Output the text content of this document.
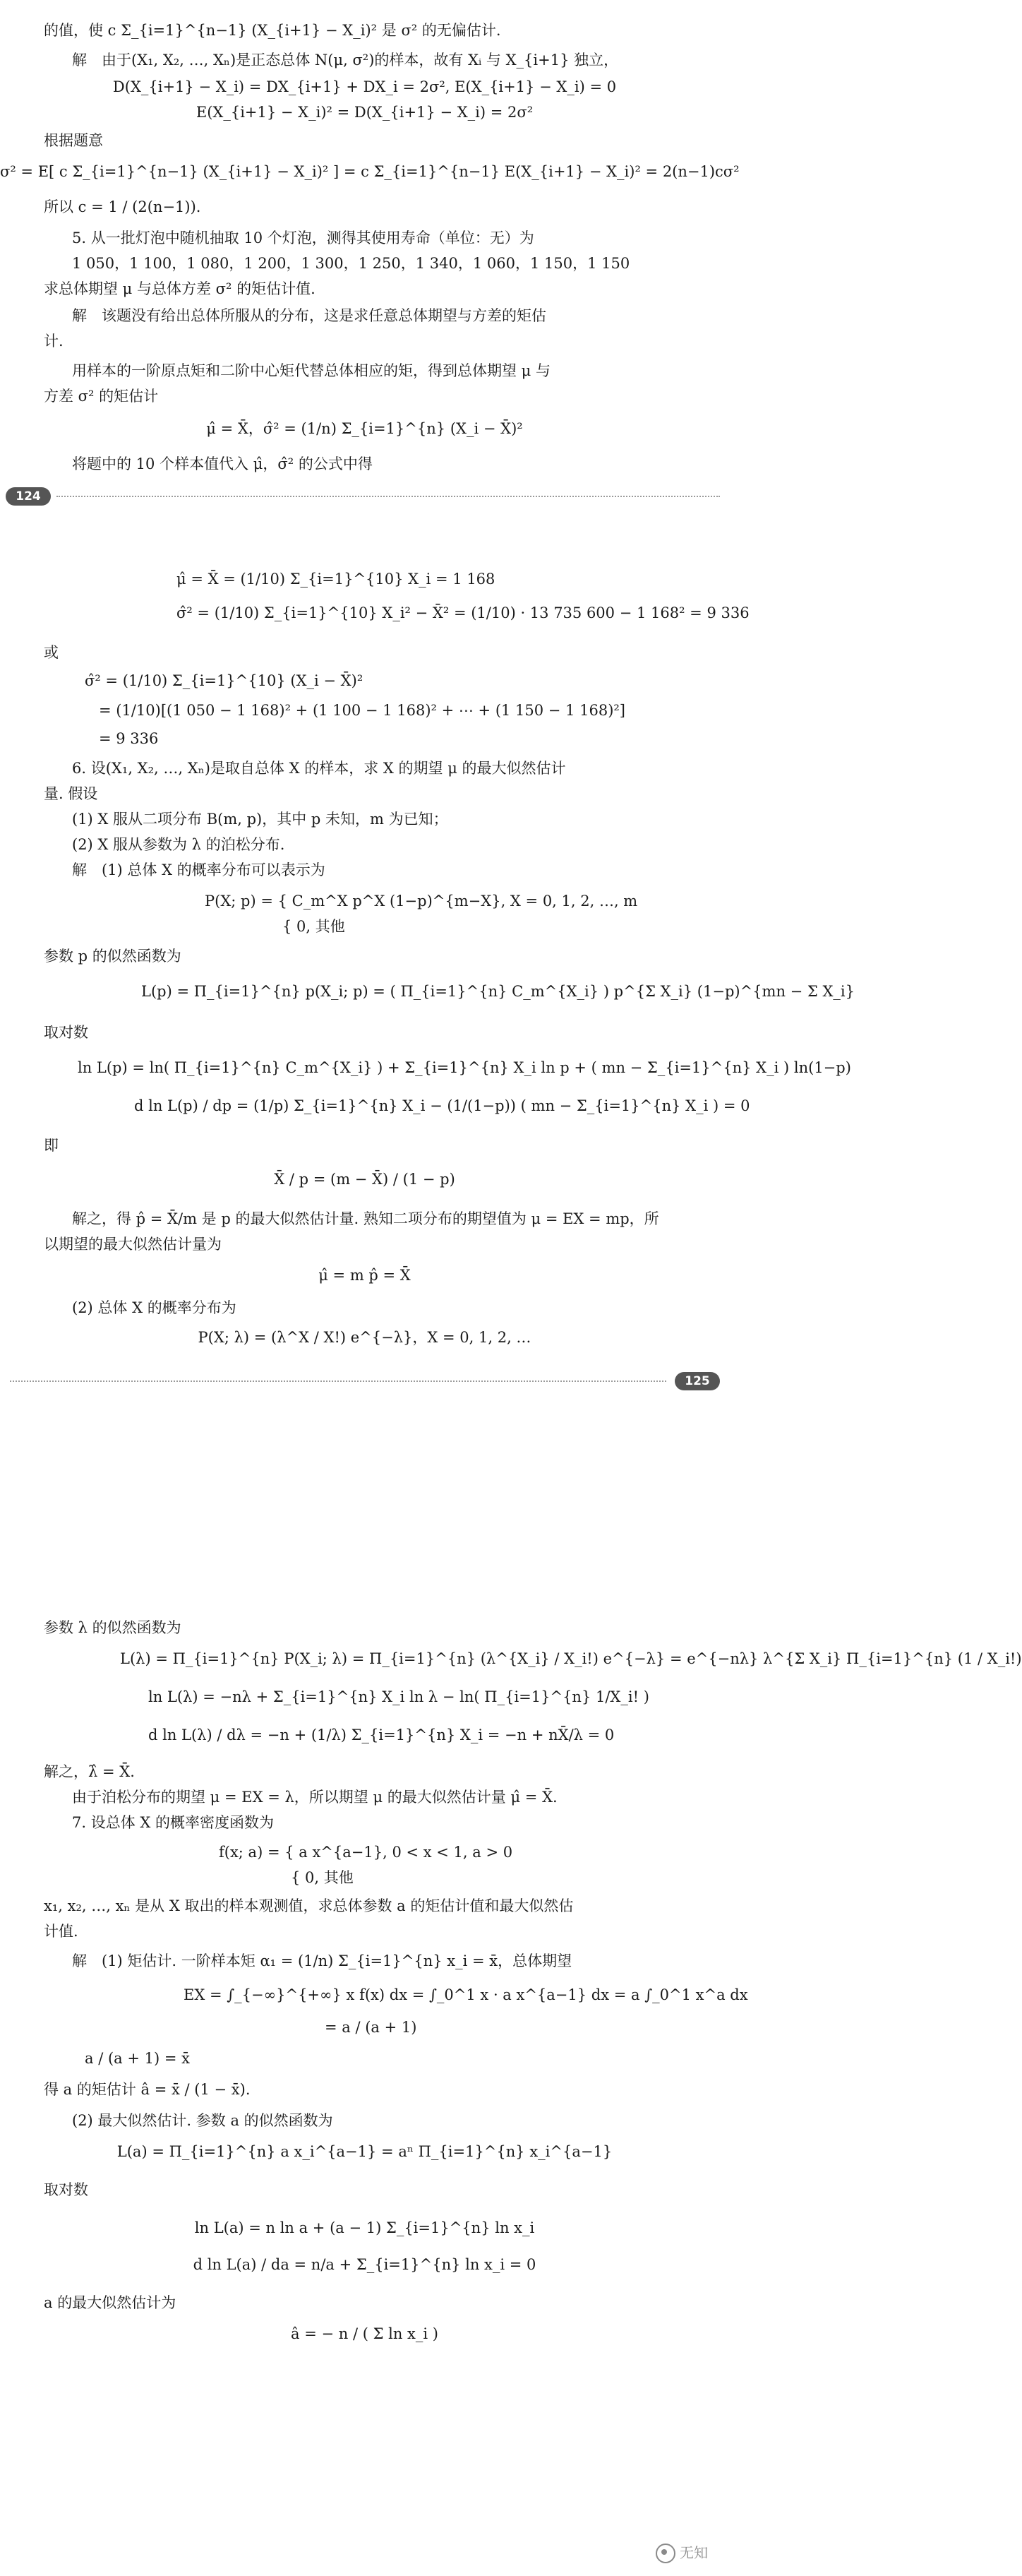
的值，使 c Σ_{i=1}^{n−1} (X_{i+1} − X_i)² 是 σ² 的无偏估计.
解　由于(X₁, X₂, …, Xₙ)是正态总体 N(μ, σ²)的样本，故有 Xᵢ 与 X_{i+1} 独立，
D(X_{i+1} − X_i) = DX_{i+1} + DX_i = 2σ², E(X_{i+1} − X_i) = 0
E(X_{i+1} − X_i)² = D(X_{i+1} − X_i) = 2σ²
根据题意
σ² = E[ c Σ_{i=1}^{n−1} (X_{i+1} − X_i)² ] = c Σ_{i=1}^{n−1} E(X_{i+1} − X_i)² = 2(n−1)cσ²
所以 c = 1 / (2(n−1)).
5. 从一批灯泡中随机抽取 10 个灯泡，测得其使用寿命（单位：无）为
1 050，1 100，1 080，1 200，1 300，1 250，1 340，1 060，1 150，1 150
求总体期望 μ 与总体方差 σ² 的矩估计值.
解　该题没有给出总体所服从的分布，这是求任意总体期望与方差的矩估
计.
用样本的一阶原点矩和二阶中心矩代替总体相应的矩，得到总体期望 μ 与
方差 σ² 的矩估计
μ̂ = X̄，σ̂² = (1/n) Σ_{i=1}^{n} (X_i − X̄)²
将题中的 10 个样本值代入 μ̂，σ̂² 的公式中得
124
μ̂ = X̄ = (1/10) Σ_{i=1}^{10} X_i = 1 168
σ̂² = (1/10) Σ_{i=1}^{10} X_i² − X̄² = (1/10) · 13 735 600 − 1 168² = 9 336
或
σ̂² = (1/10) Σ_{i=1}^{10} (X_i − X̄)²
= (1/10)[(1 050 − 1 168)² + (1 100 − 1 168)² + ⋯ + (1 150 − 1 168)²]
= 9 336
6. 设(X₁, X₂, …, Xₙ)是取自总体 X 的样本，求 X 的期望 μ 的最大似然估计
量. 假设
(1) X 服从二项分布 B(m, p)，其中 p 未知，m 为已知；
(2) X 服从参数为 λ 的泊松分布.
解　(1) 总体 X 的概率分布可以表示为
P(X; p) = { C_m^X p^X (1−p)^{m−X}, X = 0, 1, 2, …, m
{ 0, 其他
参数 p 的似然函数为
L(p) = Π_{i=1}^{n} p(X_i; p) = ( Π_{i=1}^{n} C_m^{X_i} ) p^{Σ X_i} (1−p)^{mn − Σ X_i}
取对数
ln L(p) = ln( Π_{i=1}^{n} C_m^{X_i} ) + Σ_{i=1}^{n} X_i ln p + ( mn − Σ_{i=1}^{n} X_i ) ln(1−p)
d ln L(p) / dp = (1/p) Σ_{i=1}^{n} X_i − (1/(1−p)) ( mn − Σ_{i=1}^{n} X_i ) = 0
即
X̄ / p = (m − X̄) / (1 − p)
解之，得 p̂ = X̄/m 是 p 的最大似然估计量. 熟知二项分布的期望值为 μ = EX = mp，所
以期望的最大似然估计量为
μ̂ = m p̂ = X̄
(2) 总体 X 的概率分布为
P(X; λ) = (λ^X / X!) e^{−λ}，X = 0, 1, 2, …
125
参数 λ 的似然函数为
L(λ) = Π_{i=1}^{n} P(X_i; λ) = Π_{i=1}^{n} (λ^{X_i} / X_i!) e^{−λ} = e^{−nλ} λ^{Σ X_i} Π_{i=1}^{n} (1 / X_i!)
ln L(λ) = −nλ + Σ_{i=1}^{n} X_i ln λ − ln( Π_{i=1}^{n} 1/X_i! )
d ln L(λ) / dλ = −n + (1/λ) Σ_{i=1}^{n} X_i = −n + nX̄/λ = 0
解之，λ̂ = X̄.
由于泊松分布的期望 μ = EX = λ，所以期望 μ 的最大似然估计量 μ̂ = X̄.
7. 设总体 X 的概率密度函数为
f(x; a) = { a x^{a−1}, 0 < x < 1, a > 0
{ 0, 其他
x₁, x₂, …, xₙ 是从 X 取出的样本观测值，求总体参数 a 的矩估计值和最大似然估
计值.
解　(1) 矩估计. 一阶样本矩 α₁ = (1/n) Σ_{i=1}^{n} x_i = x̄，总体期望
EX = ∫_{−∞}^{+∞} x f(x) dx = ∫_0^1 x · a x^{a−1} dx = a ∫_0^1 x^a dx
= a / (a + 1)
a / (a + 1) = x̄
得 a 的矩估计 â = x̄ / (1 − x̄).
(2) 最大似然估计. 参数 a 的似然函数为
L(a) = Π_{i=1}^{n} a x_i^{a−1} = aⁿ Π_{i=1}^{n} x_i^{a−1}
取对数
ln L(a) = n ln a + (a − 1) Σ_{i=1}^{n} ln x_i
d ln L(a) / da = n/a + Σ_{i=1}^{n} ln x_i = 0
a 的最大似然估计为
â = − n / ( Σ ln x_i )
无知
